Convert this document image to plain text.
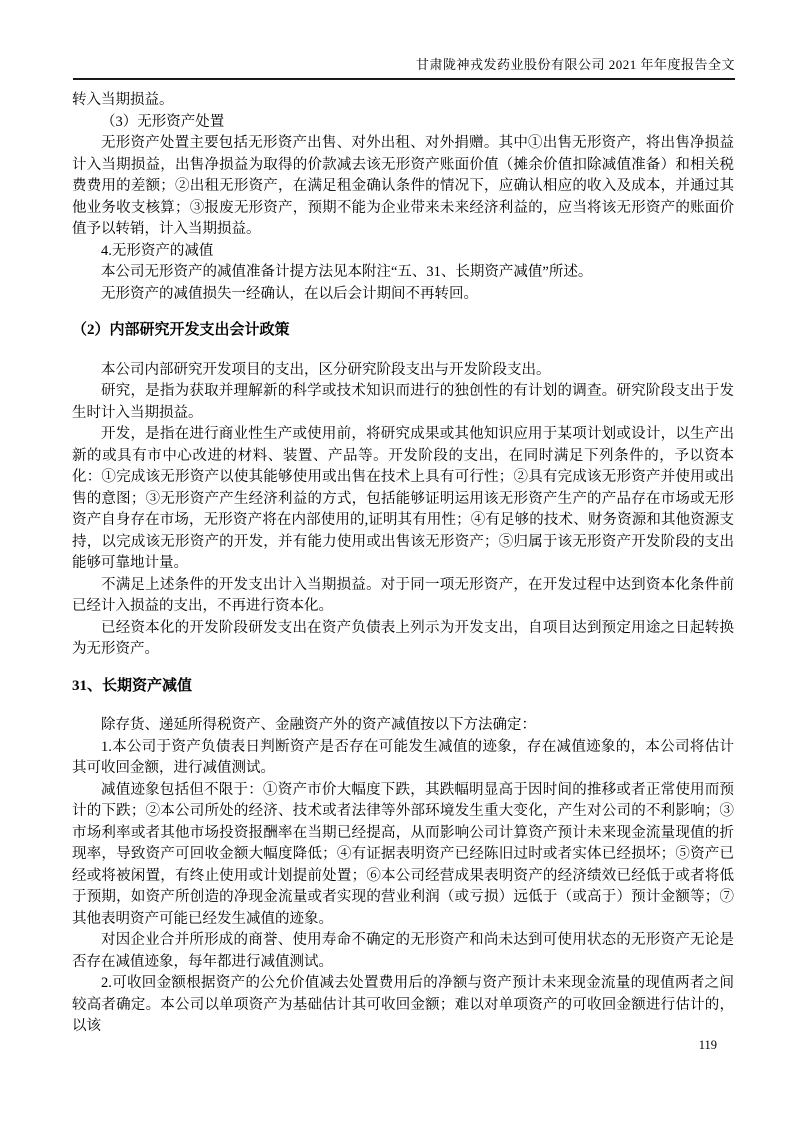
甘肃陇神戎发药业股份有限公司 2021 年年度报告全文

转入当期损益。

（3）无形资产处置

无形资产处置主要包括无形资产出售、对外出租、对外捐赠。其中①出售无形资产，将出售净损益计入当期损益，出售净损益为取得的价款减去该无形资产账面价值（摊余价值扣除减值准备）和相关税费费用的差额；②出租无形资产，在满足租金确认条件的情况下，应确认相应的收入及成本，并通过其他业务收支核算；③报废无形资产，预期不能为企业带来未来经济利益的，应当将该无形资产的账面价值予以转销，计入当期损益。

4.无形资产的减值

本公司无形资产的减值准备计提方法见本附注“五、31、长期资产减值”所述。

无形资产的减值损失一经确认，在以后会计期间不再转回。

（2）内部研究开发支出会计政策

本公司内部研究开发项目的支出，区分研究阶段支出与开发阶段支出。

研究，是指为获取并理解新的科学或技术知识而进行的独创性的有计划的调查。研究阶段支出于发生时计入当期损益。

开发，是指在进行商业性生产或使用前，将研究成果或其他知识应用于某项计划或设计，以生产出新的或具有市中心改进的材料、装置、产品等。开发阶段的支出，在同时满足下列条件的，予以资本化：①完成该无形资产以使其能够使用或出售在技术上具有可行性；②具有完成该无形资产并使用或出售的意图；③无形资产产生经济利益的方式，包括能够证明运用该无形资产生产的产品存在市场或无形资产自身存在市场，无形资产将在内部使用的,证明其有用性；④有足够的技术、财务资源和其他资源支持，以完成该无形资产的开发，并有能力使用或出售该无形资产；⑤归属于该无形资产开发阶段的支出能够可靠地计量。

不满足上述条件的开发支出计入当期损益。对于同一项无形资产，在开发过程中达到资本化条件前已经计入损益的支出，不再进行资本化。

已经资本化的开发阶段研发支出在资产负债表上列示为开发支出，自项目达到预定用途之日起转换为无形资产。

31、长期资产减值

除存货、递延所得税资产、金融资产外的资产减值按以下方法确定：

1.本公司于资产负债表日判断资产是否存在可能发生减值的迹象，存在减值迹象的，本公司将估计其可收回金额，进行减值测试。

减值迹象包括但不限于：①资产市价大幅度下跌，其跌幅明显高于因时间的推移或者正常使用而预计的下跌；②本公司所处的经济、技术或者法律等外部环境发生重大变化，产生对公司的不利影响；③市场利率或者其他市场投资报酬率在当期已经提高，从而影响公司计算资产预计未来现金流量现值的折现率，导致资产可回收金额大幅度降低；④有证据表明资产已经陈旧过时或者实体已经损坏；⑤资产已经或将被闲置，有终止使用或计划提前处置；⑥本公司经营成果表明资产的经济绩效已经低于或者将低于预期，如资产所创造的净现金流量或者实现的营业利润（或亏损）远低于（或高于）预计金额等；⑦其他表明资产可能已经发生减值的迹象。

对因企业合并所形成的商誉、使用寿命不确定的无形资产和尚未达到可使用状态的无形资产无论是否存在减值迹象，每年都进行减值测试。

2.可收回金额根据资产的公允价值减去处置费用后的净额与资产预计未来现金流量的现值两者之间较高者确定。本公司以单项资产为基础估计其可收回金额；难以对单项资产的可收回金额进行估计的，以该

119
